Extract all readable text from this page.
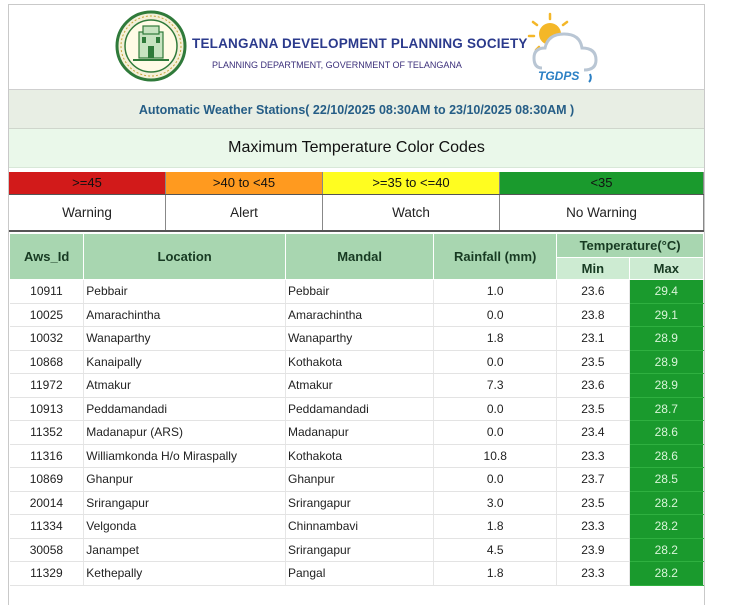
TELANGANA DEVELOPMENT PLANNING SOCIETY
PLANNING DEPARTMENT, GOVERNMENT OF TELANGANA
TGDPS
Automatic Weather Stations( 22/10/2025 08:30AM to 23/10/2025 08:30AM )
Maximum Temperature Color Codes
>=45	>40 to <45	>=35 to <=40	<35
Warning	Alert	Watch	No Warning
Aws_Id	Location	Mandal	Rainfall (mm)	Temperature(°C)	
				Min	Max
10911	Pebbair	Pebbair	1.0	23.6	29.4
10025	Amarachintha	Amarachintha	0.0	23.8	29.1
10032	Wanaparthy	Wanaparthy	1.8	23.1	28.9
10868	Kanaipally	Kothakota	0.0	23.5	28.9
11972	Atmakur	Atmakur	7.3	23.6	28.9
10913	Peddamandadi	Peddamandadi	0.0	23.5	28.7
11352	Madanapur (ARS)	Madanapur	0.0	23.4	28.6
11316	Williamkonda H/o Miraspally	Kothakota	10.8	23.3	28.6
10869	Ghanpur	Ghanpur	0.0	23.7	28.5
20014	Srirangapur	Srirangapur	3.0	23.5	28.2
11334	Velgonda	Chinnambavi	1.8	23.3	28.2
30058	Janampet	Srirangapur	4.5	23.9	28.2
11329	Kethepally	Pangal	1.8	23.3	28.2
